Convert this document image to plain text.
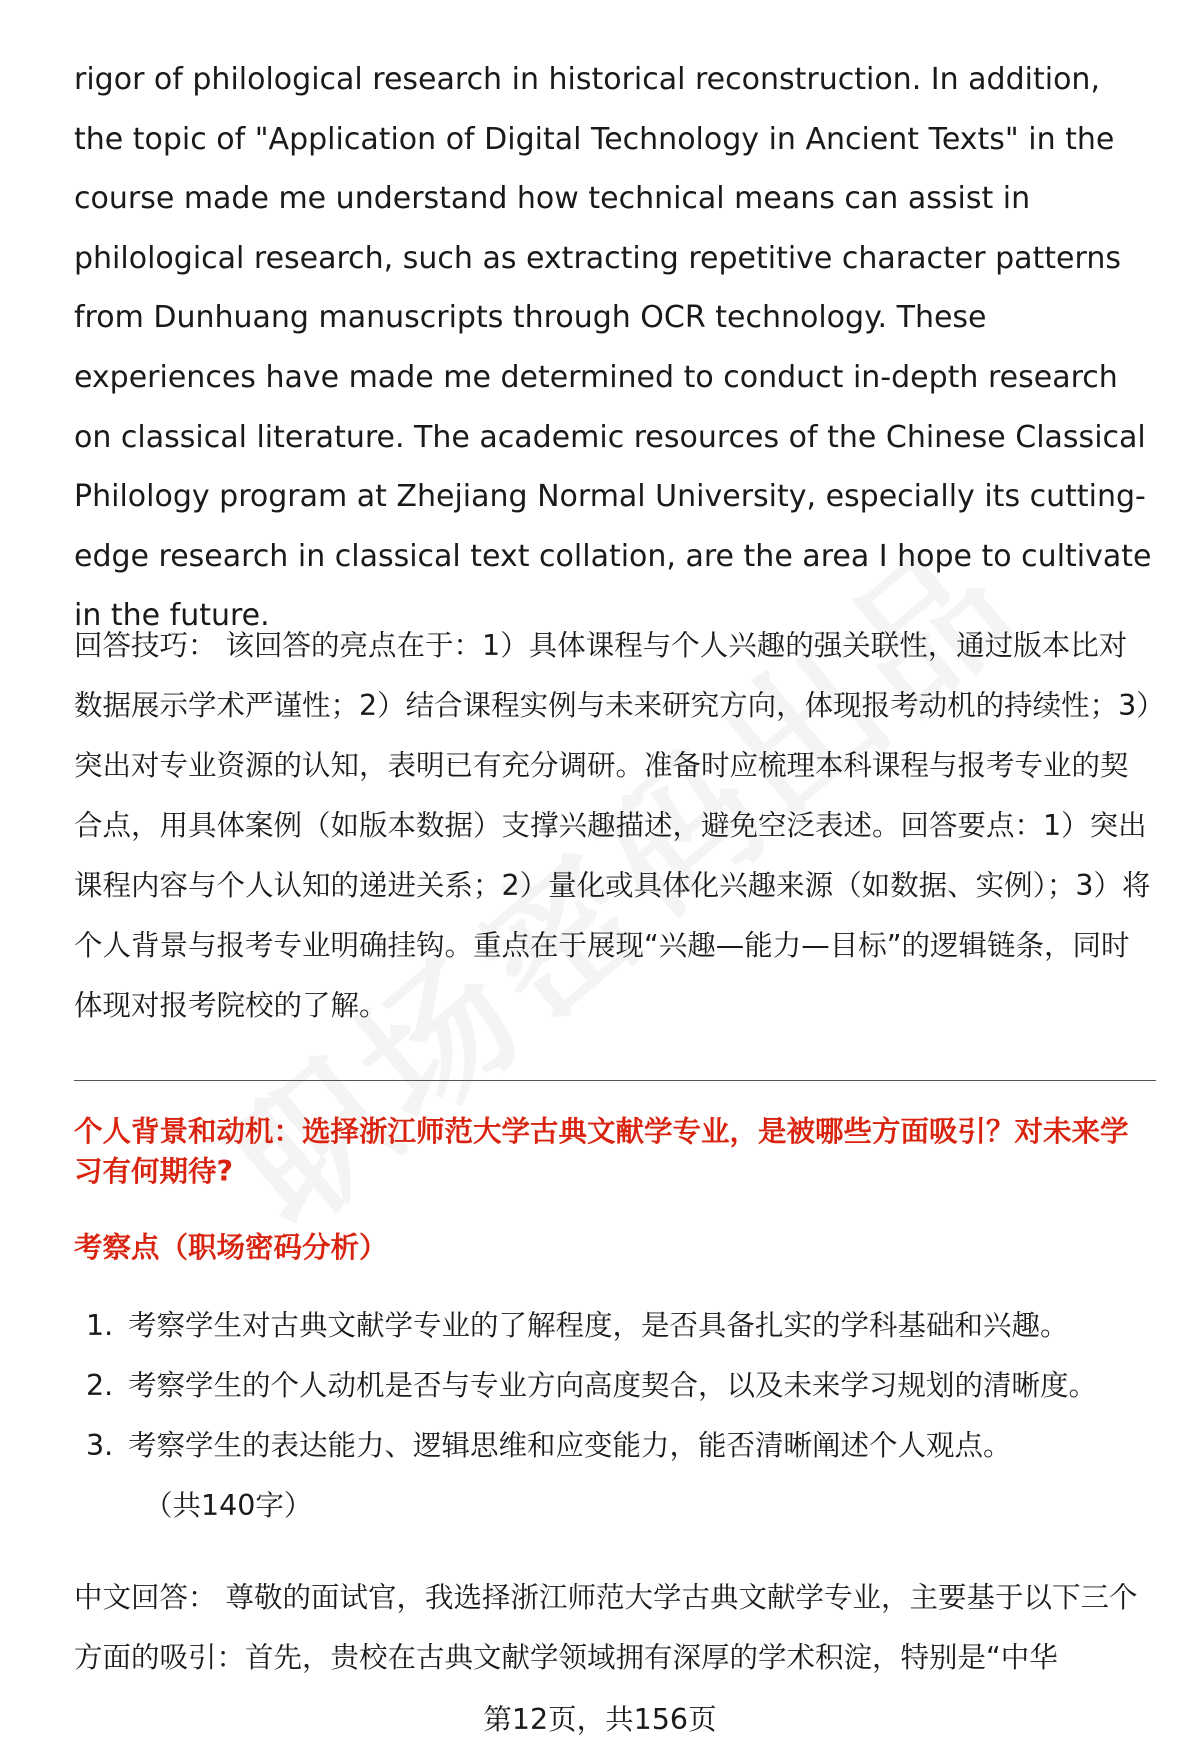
rigor of philological research in historical reconstruction. In addition, the topic of "Application of Digital Technology in Ancient Texts" in the course made me understand how technical means can assist in philological research, such as extracting repetitive character patterns from Dunhuang manuscripts through OCR technology. These experiences have made me determined to conduct in-depth research on classical literature. The academic resources of the Chinese Classical Philology program at Zhejiang Normal University, especially its cutting-edge research in classical text collation, are the area I hope to cultivate in the future.

回答技巧： 该回答的亮点在于：1）具体课程与个人兴趣的强关联性，通过版本比对数据展示学术严谨性；2）结合课程实例与未来研究方向，体现报考动机的持续性；3）突出对专业资源的认知，表明已有充分调研。准备时应梳理本科课程与报考专业的契合点，用具体案例（如版本数据）支撑兴趣描述，避免空泛表述。回答要点：1）突出课程内容与个人认知的递进关系；2）量化或具体化兴趣来源（如数据、实例）；3）将个人背景与报考专业明确挂钩。重点在于展现“兴趣—能力—目标”的逻辑链条，同时体现对报考院校的了解。

个人背景和动机：选择浙江师范大学古典文献学专业，是被哪些方面吸引？对未来学习有何期待?
考察点（职场密码分析）
1. 考察学生对古典文献学专业的了解程度，是否具备扎实的学科基础和兴趣。
2. 考察学生的个人动机是否与专业方向高度契合，以及未来学习规划的清晰度。
3. 考察学生的表达能力、逻辑思维和应变能力，能否清晰阐述个人观点。
（共140字）

中文回答： 尊敬的面试官，我选择浙江师范大学古典文献学专业，主要基于以下三个方面的吸引：首先，贵校在古典文献学领域拥有深厚的学术积淀，特别是“中华

第12页，共156页
